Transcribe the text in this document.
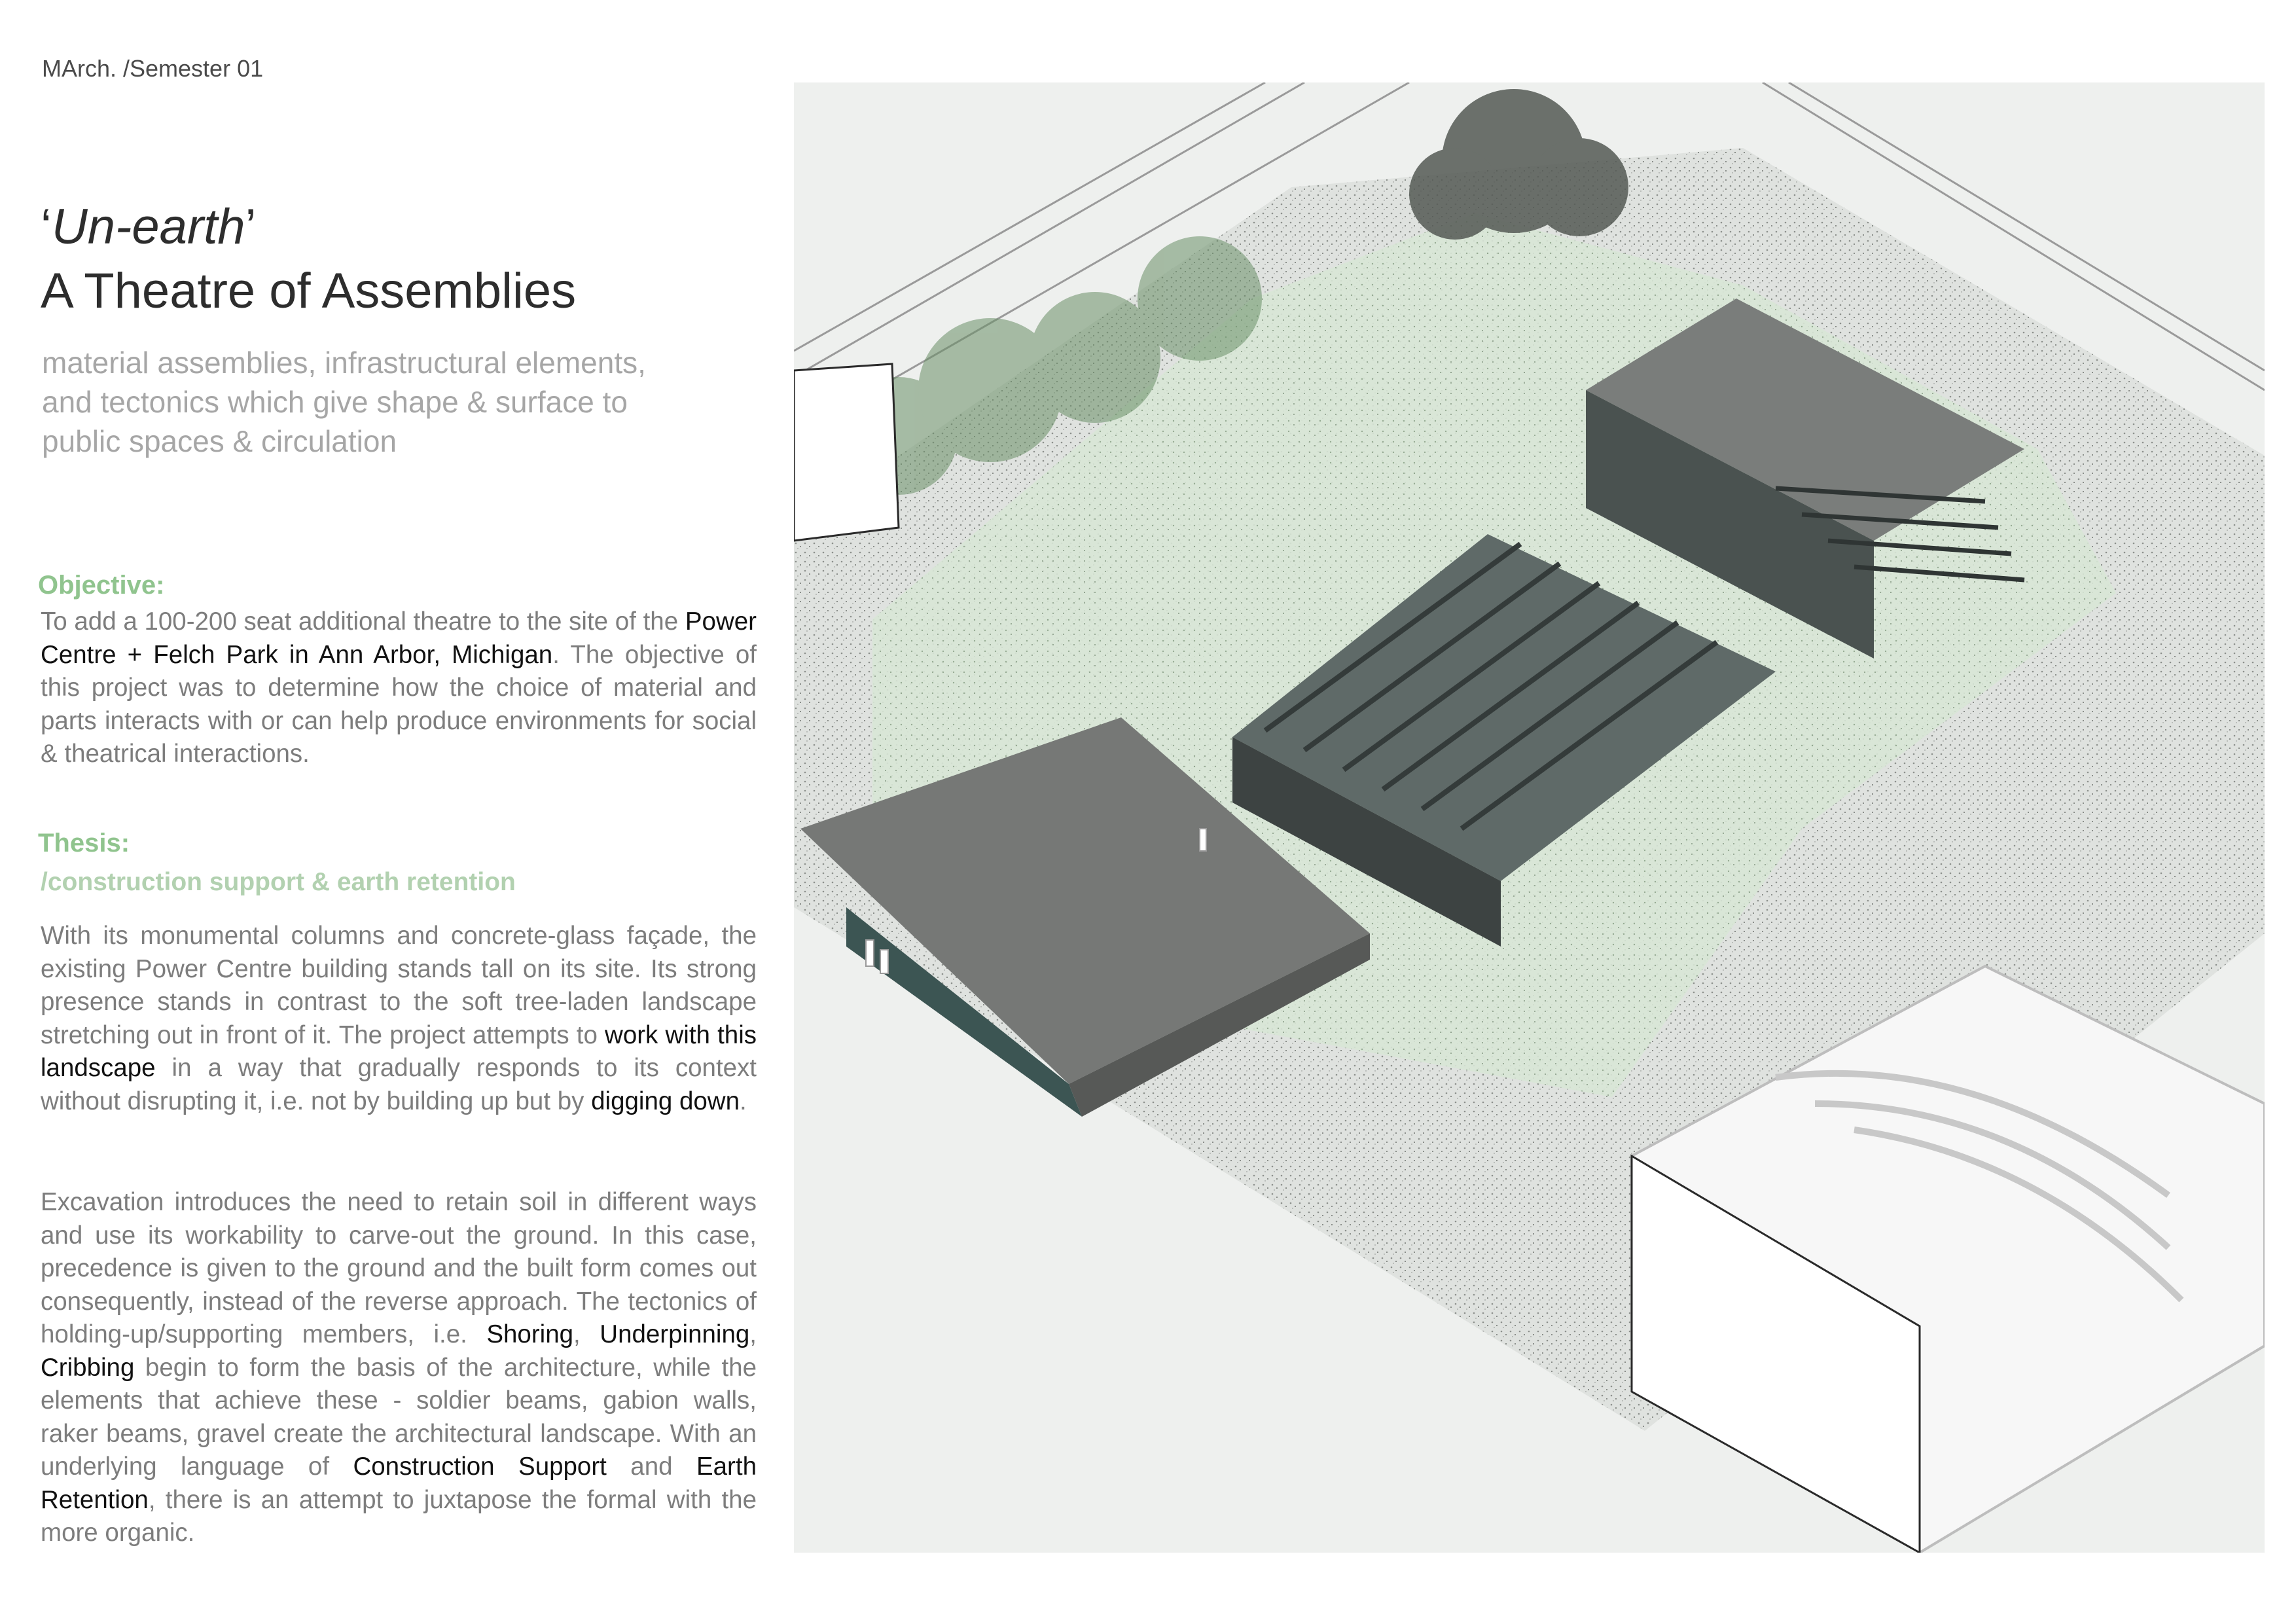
MArch. /Semester 01
‘Un-earth’
A Theatre of Assemblies
material assemblies, infrastructural elements,
and tectonics which give shape & surface to
public spaces & circulation
Objective:
To add a 100-200 seat additional theatre to the site of the Power Centre + Felch Park in Ann Arbor, Michigan. The objective of this project was to determine how the choice of material and parts interacts with or can help produce environments for social & theatrical interactions.
Thesis:
/construction support & earth retention
With its monumental columns and concrete-glass façade, the existing Power Centre building stands tall on its site. Its strong presence stands in contrast to the soft tree-laden landscape stretching out in front of it. The project attempts to work with this landscape in a way that gradually responds to its context without disrupting it, i.e. not by building up but by digging down.
Excavation introduces the need to retain soil in different ways and use its workability to carve-out the ground. In this case, precedence is given to the ground and the built form comes out consequently, instead of the reverse approach. The tectonics of holding-up/supporting members, i.e. Shoring, Underpinning, Cribbing begin to form the basis of the architecture, while the elements that achieve these - soldier beams, gabion walls, raker beams, gravel create the architectural landscape. With an underlying language of Construction Support and Earth Retention, there is an attempt to juxtapose the formal with the more organic.
